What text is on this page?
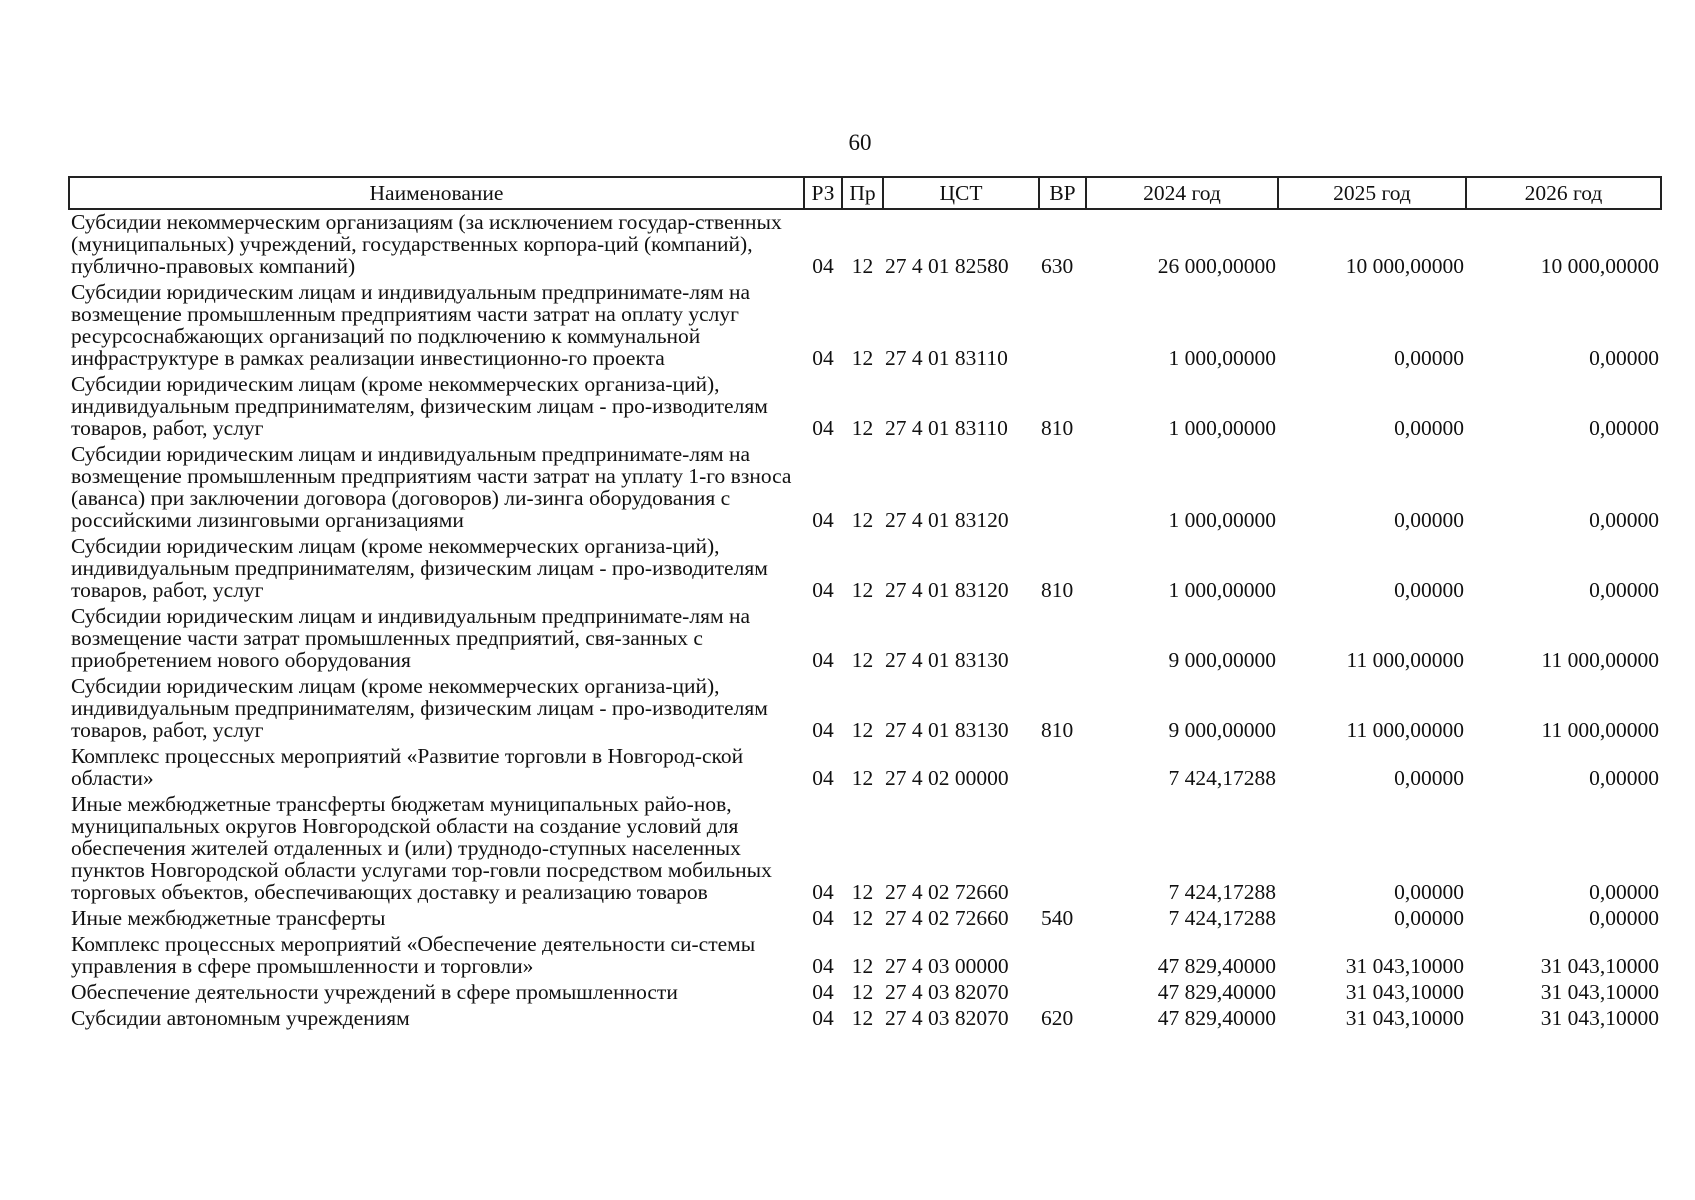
60
Наименование	РЗ	Пр	ЦСТ	ВР	2024 год	2025 год	2026 год
Субсидии некоммерческим организациям (за исключением государ-ственных (муниципальных) учреждений, государственных корпора-ций (компаний), публично-правовых компаний)	04	12	27 4 01 82580	630	26 000,00000	10 000,00000	10 000,00000
Субсидии юридическим лицам и индивидуальным предпринимате-лям на возмещение промышленным предприятиям части затрат на оплату услуг ресурсоснабжающих организаций по подключению к коммунальной инфраструктуре в рамках реализации инвестиционно-го проекта	04	12	27 4 01 83110		1 000,00000	0,00000	0,00000
Субсидии юридическим лицам (кроме некоммерческих организа-ций), индивидуальным предпринимателям, физическим лицам - про-изводителям товаров, работ, услуг	04	12	27 4 01 83110	810	1 000,00000	0,00000	0,00000
Субсидии юридическим лицам и индивидуальным предпринимате-лям на возмещение промышленным предприятиям части затрат на уплату 1-го взноса (аванса) при заключении договора (договоров) ли-зинга оборудования с российскими лизинговыми организациями	04	12	27 4 01 83120		1 000,00000	0,00000	0,00000
Субсидии юридическим лицам (кроме некоммерческих организа-ций), индивидуальным предпринимателям, физическим лицам - про-изводителям товаров, работ, услуг	04	12	27 4 01 83120	810	1 000,00000	0,00000	0,00000
Субсидии юридическим лицам и индивидуальным предпринимате-лям на возмещение части затрат промышленных предприятий, свя-занных с приобретением нового оборудования	04	12	27 4 01 83130		9 000,00000	11 000,00000	11 000,00000
Субсидии юридическим лицам (кроме некоммерческих организа-ций), индивидуальным предпринимателям, физическим лицам - про-изводителям товаров, работ, услуг	04	12	27 4 01 83130	810	9 000,00000	11 000,00000	11 000,00000
Комплекс процессных мероприятий «Развитие торговли в Новгород-ской области»	04	12	27 4 02 00000		7 424,17288	0,00000	0,00000
Иные межбюджетные трансферты бюджетам муниципальных райо-нов, муниципальных округов Новгородской области на создание условий для обеспечения жителей отдаленных и (или) труднодо-ступных населенных пунктов Новгородской области услугами тор-говли посредством мобильных торговых объектов, обеспечивающих доставку и реализацию товаров	04	12	27 4 02 72660		7 424,17288	0,00000	0,00000
Иные межбюджетные трансферты	04	12	27 4 02 72660	540	7 424,17288	0,00000	0,00000
Комплекс процессных мероприятий «Обеспечение деятельности си-стемы управления в сфере промышленности и торговли»	04	12	27 4 03 00000		47 829,40000	31 043,10000	31 043,10000
Обеспечение деятельности учреждений в сфере промышленности	04	12	27 4 03 82070		47 829,40000	31 043,10000	31 043,10000
Субсидии автономным учреждениям	04	12	27 4 03 82070	620	47 829,40000	31 043,10000	31 043,10000
